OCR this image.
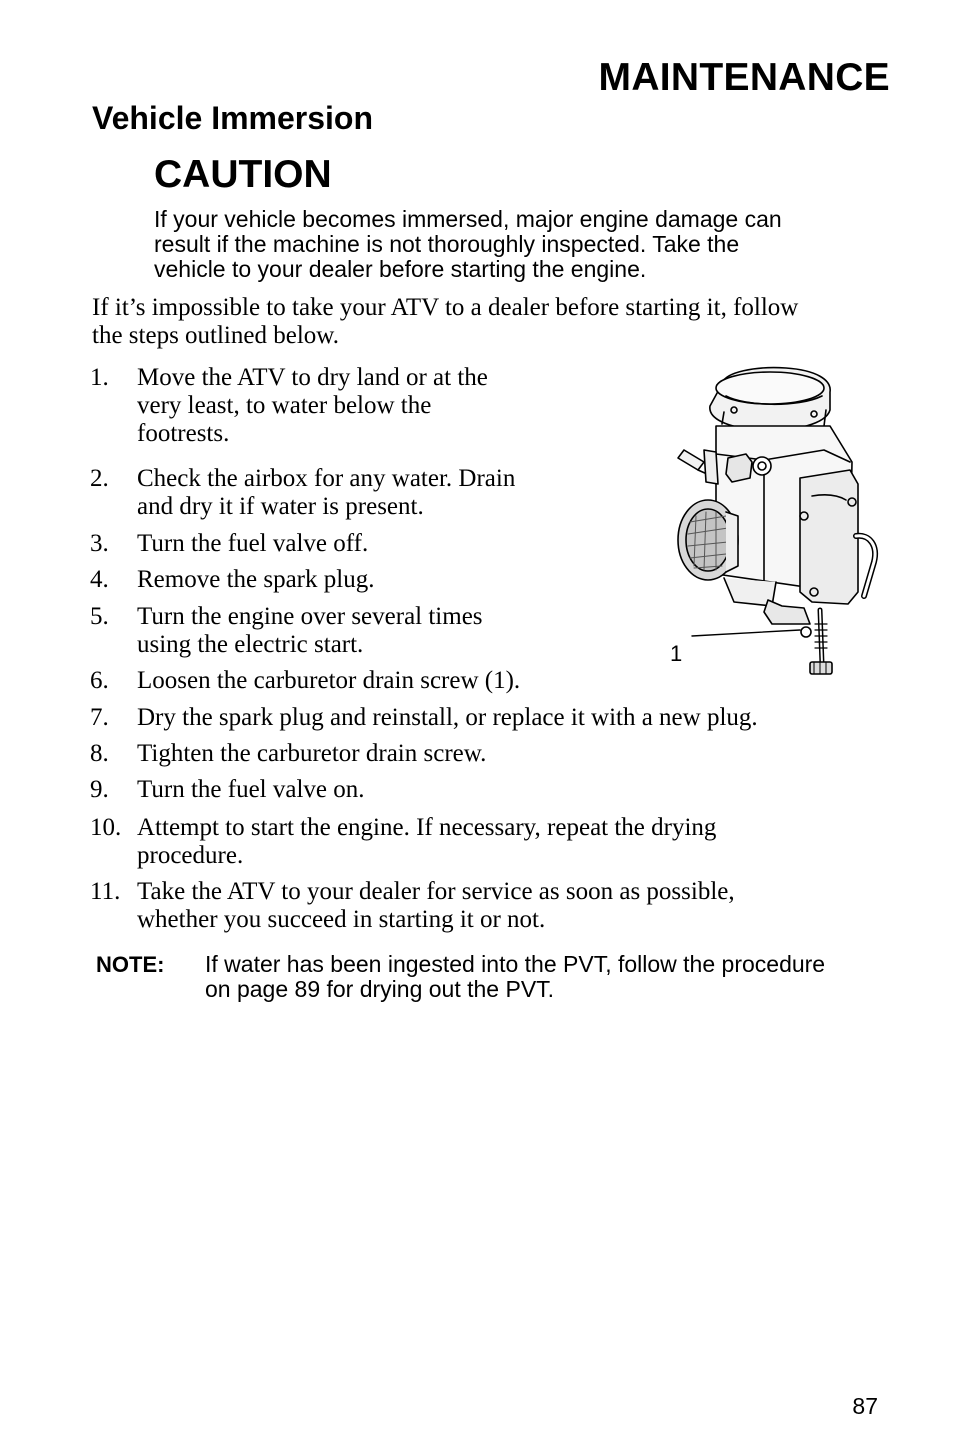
MAINTENANCE
Vehicle Immersion
CAUTION
If your vehicle becomes immersed, major engine damage can
result if the machine is not thoroughly inspected. Take the
vehicle to your dealer before starting the engine.
If it’s impossible to take your ATV to a dealer before starting it, follow
the steps outlined below.
1. Move the ATV to dry land or at the
very least, to water below the
footrests.
2. Check the airbox for any water. Drain
and dry it if water is present.
3. Turn the fuel valve off.
4. Remove the spark plug.
5. Turn the engine over several times
using the electric start.
6. Loosen the carburetor drain screw (1).
7. Dry the spark plug and reinstall, or replace it with a new plug.
8. Tighten the carburetor drain screw.
9. Turn the fuel valve on.
10. Attempt to start the engine. If necessary, repeat the drying
procedure.
11. Take the ATV to your dealer for service as soon as possible,
whether you succeed in starting it or not.
1
NOTE: If water has been ingested into the PVT, follow the procedure
on page 89 for drying out the PVT.
87
